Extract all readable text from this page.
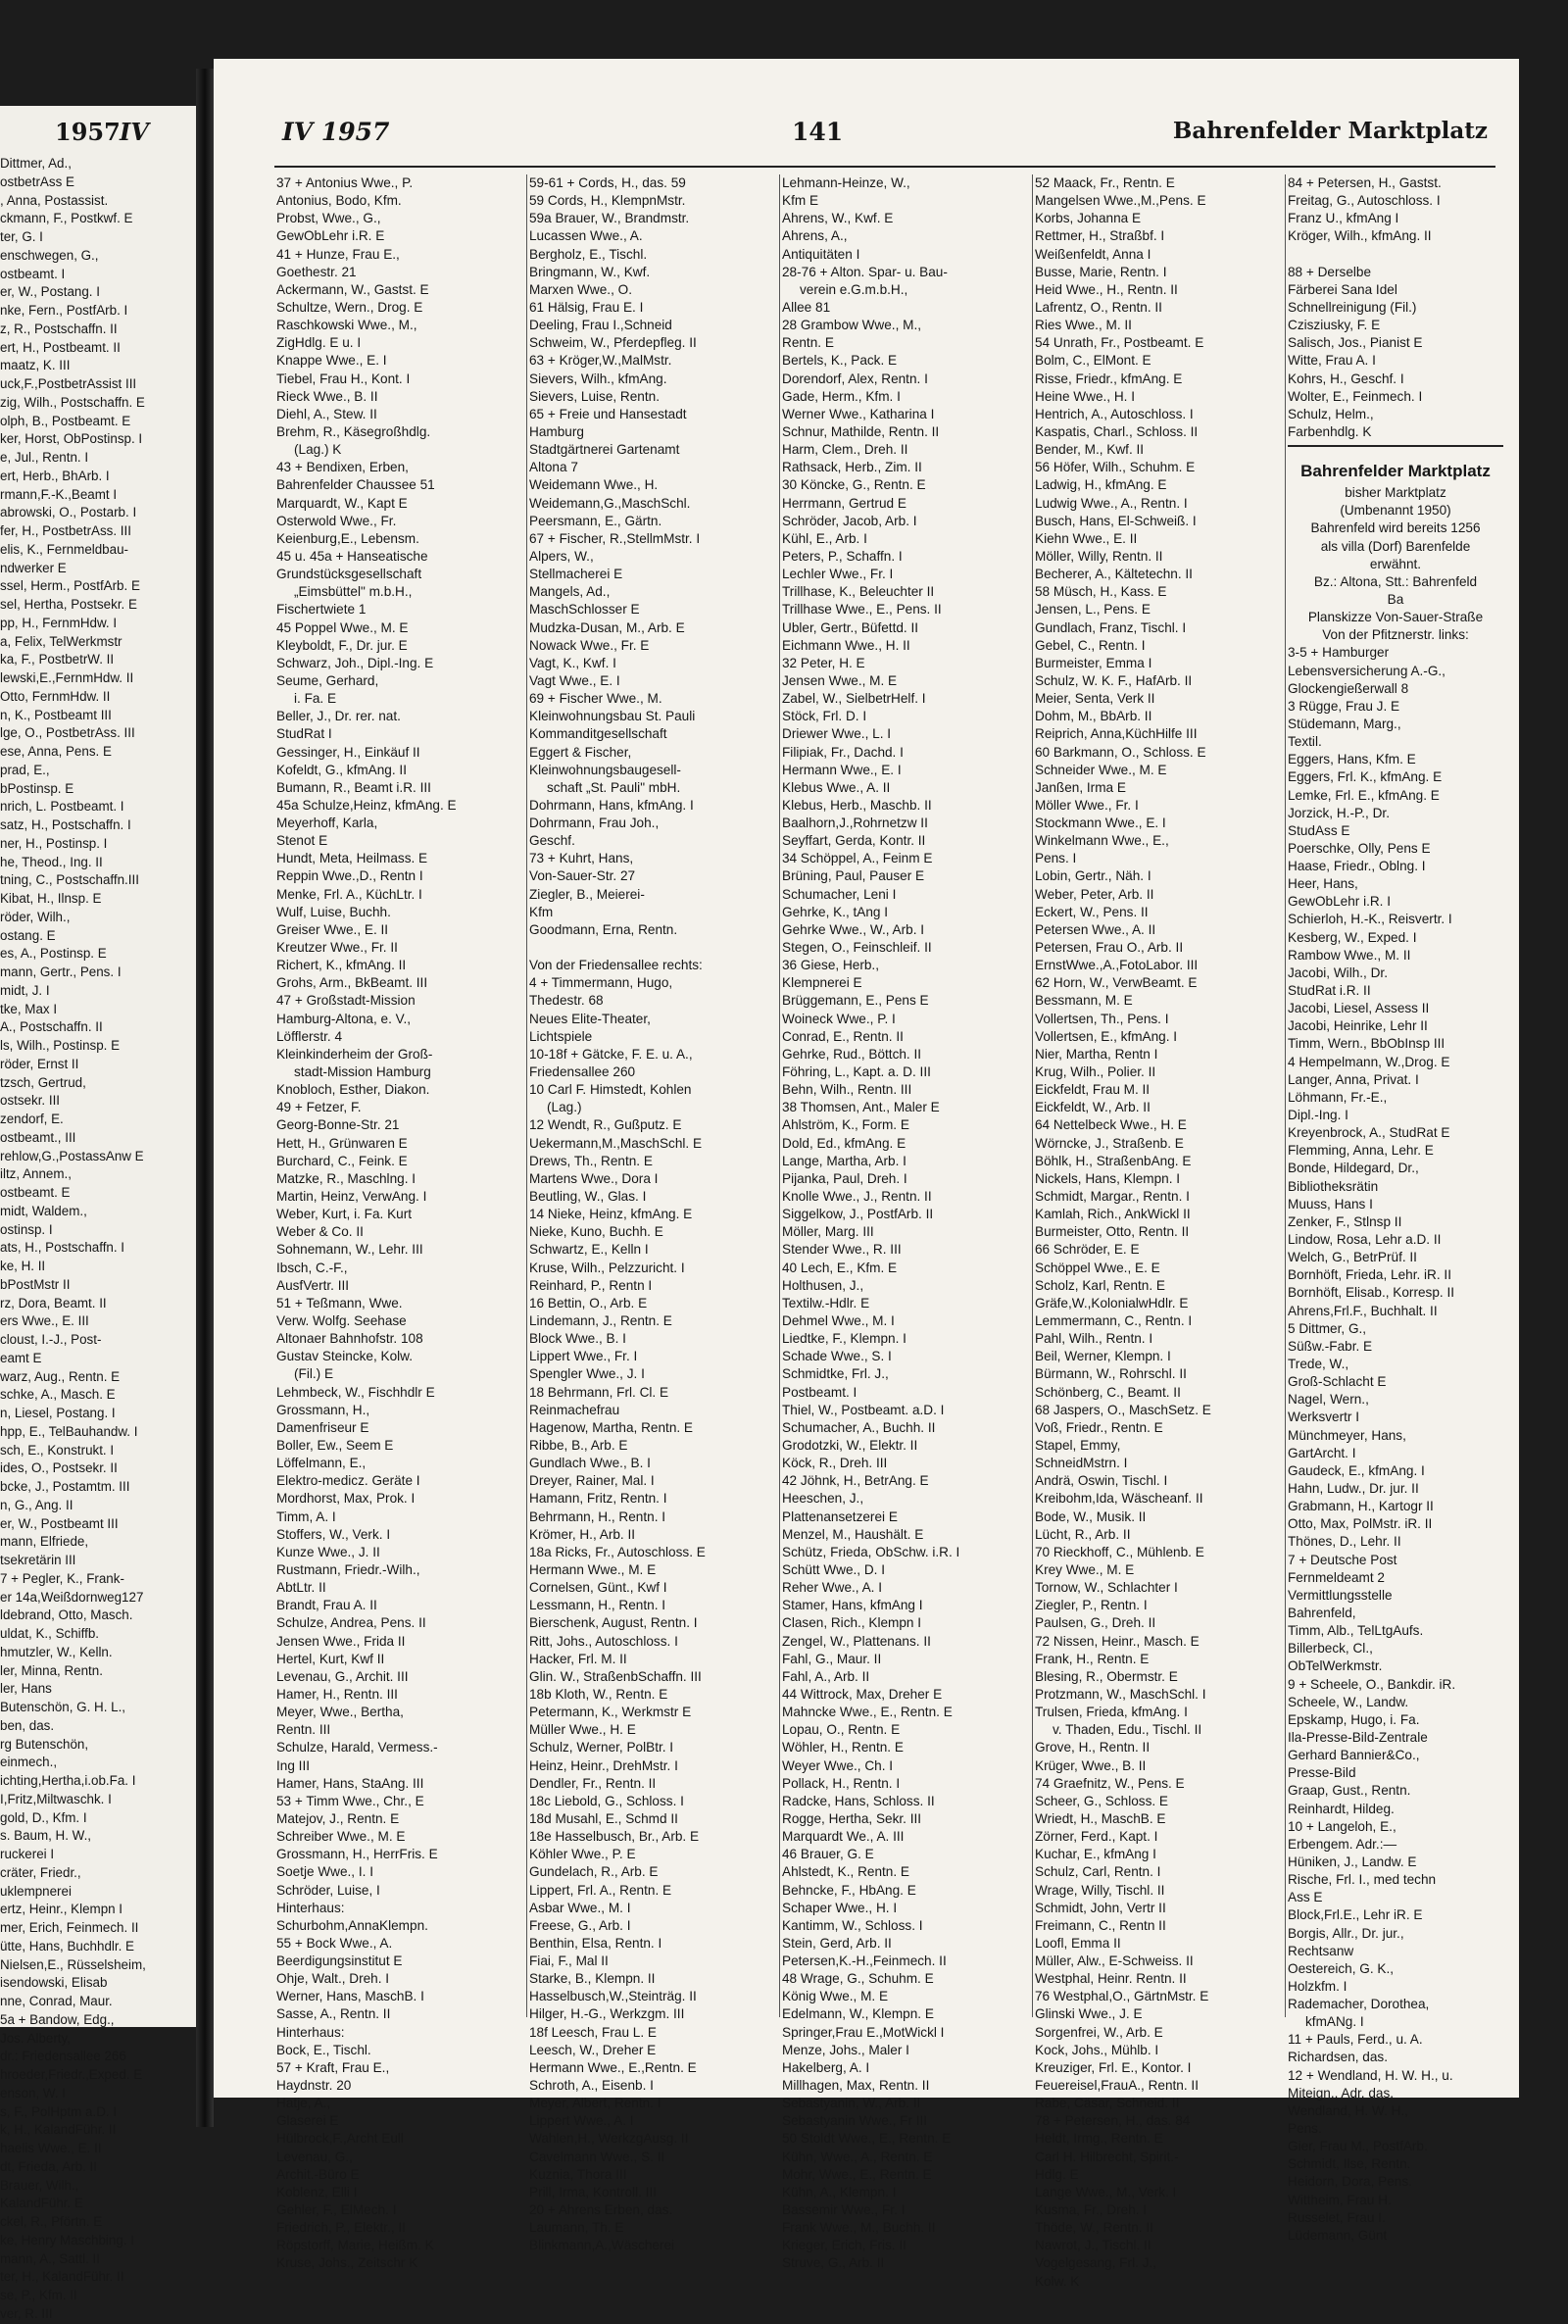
1957 IV
Dittmer, Ad.,
ostbetrAss E
, Anna, Postassist.
ckmann, F., Postkwf. E
ter, G. I
enschwegen, G.,
ostbeamt. I
er, W., Postang. I
nke, Fern., PostfArb. I
z, R., Postschaffn. II
ert, H., Postbeamt. II
maatz, K. III
uck,F.,PostbetrAssist III
zig, Wilh., Postschaffn. E
olph, B., Postbeamt. E
ker, Horst, ObPostinsp. I
e, Jul., Rentn. I
ert, Herb., BhArb. I
rmann,F.-K.,Beamt I
abrowski, O., Postarb. I
fer, H., PostbetrAss. III
elis, K., Fernmeldbau-
ndwerker E
ssel, Herm., PostfArb. E
sel, Hertha, Postsekr. E
pp, H., FernmHdw. I
a, Felix, TelWerkmstr
ka, F., PostbetrW. II
lewski,E.,FernmHdw. II
Otto, FernmHdw. II
n, K., Postbeamt III
lge, O., PostbetrAss. III
ese, Anna, Pens. E
prad, E.,
bPostinsp. E
nrich, L. Postbeamt. I
satz, H., Postschaffn. I
ner, H., Postinsp. I
he, Theod., Ing. II
tning, C., Postschaffn.III
Kibat, H., Ilnsp. E
röder, Wilh.,
ostang. E
es, A., Postinsp. E
mann, Gertr., Pens. I
midt, J. I
tke, Max I
A., Postschaffn. II
ls, Wilh., Postinsp. E
röder, Ernst II
tzsch, Gertrud,
ostsekr. III
zendorf, E.
ostbeamt., III
rehlow,G.,PostassAnw E
iltz, Annem.,
ostbeamt. E
midt, Waldem.,
ostinsp. I
ats, H., Postschaffn. I
ke, H. II
bPostMstr II
rz, Dora, Beamt. II
ers Wwe., E. III
cloust, I.-J., Post-
eamt E
warz, Aug., Rentn. E
schke, A., Masch. E
n, Liesel, Postang. I
hpp, E., TelBauhandw. I
sch, E., Konstrukt. I
ides, O., Postsekr. II
bcke, J., Postamtm. III
n, G., Ang. II
er, W., Postbeamt III
mann, Elfriede,
tsekretärin III
7 + Pegler, K., Frank-
er 14a,Weißdornweg127
ldebrand, Otto, Masch.
uldat, K., Schiffb.
hmutzler, W., Kelln.
ler, Minna, Rentn.
ler, Hans
Butenschön, G. H. L.,
ben, das.
rg Butenschön,
einmech.,
ichting,Hertha,i.ob.Fa. I
I,Fritz,Miltwaschk. I
gold, D., Kfm. I
s. Baum, H. W.,
ruckerei I
cräter, Friedr.,
uklempnerei
ertz, Heinr., Klempn I
mer, Erich, Feinmech. II
ütte, Hans, Buchhdlr. E
Nielsen,E., Rüsselsheim,
isendowski, Elisab
nne, Conrad, Maur.
5a + Bandow, Edg.,
Jos. Alberty,
dr.: Friedensallee 266
hroeder,Friedr.,Exped. E
enson, W. I
s, F., PolHptm a.D. I
k, H., KalandFühr. II
haelis Wwe., E. II
dt, Frieda, Arb. II
Brauer, Wilh.,
KalandFühr. E
ckel, R., Pförtn. E
ke, Henry Maschbing. I
mann, A., Sattl. II
ter, H., KalandFühr. II
se, P., Kfm. II
ver, R. III
IV 1957	141	Bahrenfelder Marktplatz
37 + Antonius Wwe., P.
Antonius, Bodo, Kfm.
Probst, Wwe., G.,
GewObLehr i.R. E
41 + Hunze, Frau E.,
Goethestr. 21
Ackermann, W., Gastst. E
Schultze, Wern., Drog. E
Raschkowski Wwe., M.,
ZigHdlg. E u. I
Knappe Wwe., E. I
Tiebel, Frau H., Kont. I
Rieck Wwe., B. II
Diehl, A., Stew. II
Brehm, R., Käsegroßhdlg.
(Lag.) K
43 + Bendixen, Erben,
Bahrenfelder Chaussee 51
Marquardt, W., Kapt E
Osterwold Wwe., Fr.
Keienburg,E., Lebensm.
45 u. 45a + Hanseatische
Grundstücksgesellschaft
„Eimsbüttel" m.b.H.,
Fischertwiete 1
45 Poppel Wwe., M. E
Kleyboldt, F., Dr. jur. E
Schwarz, Joh., Dipl.-Ing. E
Seume, Gerhard,
i. Fa. E
Beller, J., Dr. rer. nat.
StudRat I
Gessinger, H., Einkäuf II
Kofeldt, G., kfmAng. II
Bumann, R., Beamt i.R. III
45a Schulze,Heinz, kfmAng. E
Meyerhoff, Karla,
Stenot E
Hundt, Meta, Heilmass. E
Reppin Wwe.,D., Rentn I
Menke, Frl. A., KüchLtr. I
Wulf, Luise, Buchh.
Greiser Wwe., E. II
Kreutzer Wwe., Fr. II
Richert, K., kfmAng. II
Grohs, Arm., BkBeamt. III
47 + Großstadt-Mission
Hamburg-Altona, e. V.,
Löfflerstr. 4
Kleinkinderheim der Groß-
stadt-Mission Hamburg
Knobloch, Esther, Diakon.
49 + Fetzer, F.
Georg-Bonne-Str. 21
Hett, H., Grünwaren E
Burchard, C., Feink. E
Matzke, R., Maschlng. I
Martin, Heinz, VerwAng. I
Weber, Kurt, i. Fa. Kurt
Weber & Co. II
Sohnemann, W., Lehr. III
Ibsch, C.-F.,
AusfVertr. III
51 + Teßmann, Wwe.
Verw. Wolfg. Seehase
Altonaer Bahnhofstr. 108
Gustav Steincke, Kolw.
(Fil.) E
Lehmbeck, W., Fischhdlr E
Grossmann, H.,
Damenfriseur E
Boller, Ew., Seem E
Löffelmann, E.,
Elektro-medicz. Geräte I
Mordhorst, Max, Prok. I
Timm, A. I
Stoffers, W., Verk. I
Kunze Wwe., J. II
Rustmann, Friedr.-Wilh.,
AbtLtr. II
Brandt, Frau A. II
Schulze, Andrea, Pens. II
Jensen Wwe., Frida II
Hertel, Kurt, Kwf II
Levenau, G., Archit. III
Hamer, H., Rentn. III
Meyer, Wwe., Bertha,
Rentn. III
Schulze, Harald, Vermess.-
Ing III
Hamer, Hans, StaAng. III
53 + Timm Wwe., Chr., E
Matejov, J., Rentn. E
Schreiber Wwe., M. E
Grossmann, H., HerrFris. E
Soetje Wwe., I. I
Schröder, Luise, I
Hinterhaus:
Schurbohm,AnnaKlempn.
55 + Bock Wwe., A.
Beerdigungsinstitut E
Ohje, Walt., Dreh. I
Werner, Hans, MaschB. I
Sasse, A., Rentn. II
Hinterhaus:
Bock, E., Tischl.
57 + Kraft, Frau E.,
Haydnstr. 20
Hatje, A.,
Glaserei E
Hülbrock,F.,Archt Eull
Levenau, G.,
Archit.-Büro E
Koblenz, Elli I
Gehler, F., ElMech. I
Friedrich, P., Elektr., II
Röpstorff, Marie, Heißm. K
Kruse, Johs., Zeitschr K
59-61 + Cords, H., das. 59
59 Cords, H., KlempnMstr.
59a Brauer, W., Brandmstr.
Lucassen Wwe., A.
Bergholz, E., Tischl.
Bringmann, W., Kwf.
Marxen Wwe., O.
61 Hälsig, Frau E. I
Deeling, Frau I.,Schneid
Schweim, W., Pferdepfleg. II
63 + Kröger,W.,MalMstr.
Sievers, Wilh., kfmAng.
Sievers, Luise, Rentn.
65 + Freie und Hansestadt
Hamburg
Stadtgärtnerei Gartenamt
Altona 7
Weidemann Wwe., H.
Weidemann,G.,MaschSchl.
Peersmann, E., Gärtn.
67 + Fischer, R.,StellmMstr. I
Alpers, W.,
Stellmacherei E
Mangels, Ad.,
MaschSchlosser E
Mudzka-Dusan, M., Arb. E
Nowack Wwe., Fr. E
Vagt, K., Kwf. I
Vagt Wwe., E. I
69 + Fischer Wwe., M.
Kleinwohnungsbau St. Pauli
Kommanditgesellschaft
Eggert & Fischer,
Kleinwohnungsbaugesell-
schaft „St. Pauli" mbH.
Dohrmann, Hans, kfmAng. I
Dohrmann, Frau Joh.,
Geschf.
73 + Kuhrt, Hans,
Von-Sauer-Str. 27
Ziegler, B., Meierei-
Kfm
Goodmann, Erna, Rentn.
Von der Friedensallee rechts:
4 + Timmermann, Hugo,
Thedestr. 68
Neues Elite-Theater,
Lichtspiele
10-18f + Gätcke, F. E. u. A.,
Friedensallee 260
10 Carl F. Himstedt, Kohlen
(Lag.)
12 Wendt, R., Gußputz. E
Uekermann,M.,MaschSchl. E
Drews, Th., Rentn. E
Martens Wwe., Dora I
Beutling, W., Glas. I
14 Nieke, Heinz, kfmAng. E
Nieke, Kuno, Buchh. E
Schwartz, E., Kelln I
Kruse, Wilh., Pelzzuricht. I
Reinhard, P., Rentn I
16 Bettin, O., Arb. E
Lindemann, J., Rentn. E
Block Wwe., B. I
Lippert Wwe., Fr. I
Spengler Wwe., J. I
18 Behrmann, Frl. Cl. E
Reinmachefrau
Hagenow, Martha, Rentn. E
Ribbe, B., Arb. E
Gundlach Wwe., B. I
Dreyer, Rainer, Mal. I
Hamann, Fritz, Rentn. I
Behrmann, H., Rentn. I
Krömer, H., Arb. II
18a Ricks, Fr., Autoschloss. E
Hermann Wwe., M. E
Cornelsen, Günt., Kwf I
Lessmann, H., Rentn. I
Bierschenk, August, Rentn. I
Ritt, Johs., Autoschloss. I
Hacker, Frl. M. II
Glin. W., StraßenbSchaffn. III
18b Kloth, W., Rentn. E
Petermann, K., Werkmstr E
Müller Wwe., H. E
Schulz, Werner, PolBtr. I
Heinz, Heinr., DrehMstr. I
Dendler, Fr., Rentn. II
18c Liebold, G., Schloss. I
18d Musahl, E., Schmd II
18e Hasselbusch, Br., Arb. E
Köhler Wwe., P. E
Gundelach, R., Arb. E
Lippert, Frl. A., Rentn. E
Asbar Wwe., M. I
Freese, G., Arb. I
Benthin, Elsa, Rentn. I
Fiai, F., Mal II
Starke, B., Klempn. II
Hasselbusch,W.,Steinträg. II
Hilger, H.-G., Werkzgm. III
18f Leesch, Frau L. E
Leesch, W., Dreher E
Hermann Wwe., E.,Rentn. E
Schroth, A., Eisenb. I
Meyer, Albert, Rentn. I
Lippert Wwe., A. I
Wahlen,H., WerkzgAusg. II
Cavelmann Wwe., S. II
Kuznia, Thora III
Prill, Irma, Kontroll. III
20 + Ahrens Erben, das.
Laumann, Th. E
Blinkmann,A.,Wäscherei
Lehmann-Heinze, W.,
Kfm E
Ahrens, W., Kwf. E
Ahrens, A.,
Antiquitäten I
28-76 + Alton. Spar- u. Bau-
verein e.G.m.b.H.,
Allee 81
28 Grambow Wwe., M.,
Rentn. E
Bertels, K., Pack. E
Dorendorf, Alex, Rentn. I
Gade, Herm., Kfm. I
Werner Wwe., Katharina I
Schnur, Mathilde, Rentn. II
Harm, Clem., Dreh. II
Rathsack, Herb., Zim. II
30 Köncke, G., Rentn. E
Herrmann, Gertrud E
Schröder, Jacob, Arb. I
Kühl, E., Arb. I
Peters, P., Schaffn. I
Lechler Wwe., Fr. I
Trillhase, K., Beleuchter II
Trillhase Wwe., E., Pens. II
Ubler, Gertr., Büfettd. II
Eichmann Wwe., H. II
32 Peter, H. E
Jensen Wwe., M. E
Zabel, W., SielbetrHelf. I
Stöck, Frl. D. I
Driewer Wwe., L. I
Filipiak, Fr., Dachd. I
Hermann Wwe., E. I
Klebus Wwe., A. II
Klebus, Herb., Maschb. II
Baalhorn,J.,Rohrnetzw II
Seyffart, Gerda, Kontr. II
34 Schöppel, A., Feinm E
Brüning, Paul, Pauser E
Schumacher, Leni I
Gehrke, K., tAng I
Gehrke Wwe., W., Arb. I
Stegen, O., Feinschleif. II
36 Giese, Herb.,
Klempnerei E
Brüggemann, E., Pens E
Woineck Wwe., P. I
Conrad, E., Rentn. II
Gehrke, Rud., Böttch. II
Föhring, L., Kapt. a. D. III
Behn, Wilh., Rentn. III
38 Thomsen, Ant., Maler E
Ahlström, K., Form. E
Dold, Ed., kfmAng. E
Lange, Martha, Arb. I
Pijanka, Paul, Dreh. I
Knolle Wwe., J., Rentn. II
Siggelkow, J., PostfArb. II
Möller, Marg. III
Stender Wwe., R. III
40 Lech, E., Kfm. E
Holthusen, J.,
Textilw.-Hdlr. E
Dehmel Wwe., M. I
Liedtke, F., Klempn. I
Schade Wwe., S. I
Schmidtke, Frl. J.,
Postbeamt. I
Thiel, W., Postbeamt. a.D. I
Schumacher, A., Buchh. II
Grodotzki, W., Elektr. II
Köck, R., Dreh. III
42 Jöhnk, H., BetrAng. E
Heeschen, J.,
Plattenansetzerei E
Menzel, M., Haushält. E
Schütz, Frieda, ObSchw. i.R. I
Schütt Wwe., D. I
Reher Wwe., A. I
Stamer, Hans, kfmAng I
Clasen, Rich., Klempn I
Zengel, W., Plattenans. II
Fahl, G., Maur. II
Fahl, A., Arb. II
44 Wittrock, Max, Dreher E
Mahncke Wwe., E., Rentn. E
Lopau, O., Rentn. E
Wöhler, H., Rentn. E
Weyer Wwe., Ch. I
Pollack, H., Rentn. I
Radcke, Hans, Schloss. II
Rogge, Hertha, Sekr. III
Marquardt We., A. III
46 Brauer, G. E
Ahlstedt, K., Rentn. E
Behncke, F., HbAng. E
Schaper Wwe., H. I
Kantimm, W., Schloss. I
Stein, Gerd, Arb. II
Petersen,K.-H.,Feinmech. II
48 Wrage, G., Schuhm. E
König Wwe., M. E
Edelmann, W., Klempn. E
Springer,Frau E.,MotWickl I
Menze, Johs., Maler I
Hakelberg, A. I
Millhagen, Max, Rentn. II
Sebastyanin, W., Arb. II
Sebastyanin Wwe., Fr III
50 Stoldt Wwe., E., Rentn. E
Kühn, Wwe., A., Rentn. E
Mohr, Wwe., E., Rentn. E
Kühn, A., Klempn. I
Bassemir Wwe., Fr. I
Frank Wwe., M., Buchh. II
Krieger, Erich, Fris. II
Struve, G., Arb. II
52 Maack, Fr., Rentn. E
Mangelsen Wwe.,M.,Pens. E
Korbs, Johanna E
Rettmer, H., Straßbf. I
Weißenfeldt, Anna I
Busse, Marie, Rentn. I
Heid Wwe., H., Rentn. II
Lafrentz, O., Rentn. II
Ries Wwe., M. II
54 Unrath, Fr., Postbeamt. E
Bolm, C., ElMont. E
Risse, Friedr., kfmAng. E
Heine Wwe., H. I
Hentrich, A., Autoschloss. I
Kaspatis, Charl., Schloss. II
Bender, M., Kwf. II
56 Höfer, Wilh., Schuhm. E
Ladwig, H., kfmAng. E
Ludwig Wwe., A., Rentn. I
Busch, Hans, El-Schweiß. I
Kiehn Wwe., E. II
Möller, Willy, Rentn. II
Becherer, A., Kältetechn. II
58 Müsch, H., Kass. E
Jensen, L., Pens. E
Gundlach, Franz, Tischl. I
Gebel, C., Rentn. I
Burmeister, Emma I
Schulz, W. K. F., HafArb. II
Meier, Senta, Verk II
Dohm, M., BbArb. II
Reiprich, Anna,KüchHilfe III
60 Barkmann, O., Schloss. E
Schneider Wwe., M. E
Janßen, Irma E
Möller Wwe., Fr. I
Stockmann Wwe., E. I
Winkelmann Wwe., E.,
Pens. I
Lobin, Gertr., Näh. I
Weber, Peter, Arb. II
Eckert, W., Pens. II
Petersen Wwe., A. II
Petersen, Frau O., Arb. II
ErnstWwe.,A.,FotoLabor. III
62 Horn, W., VerwBeamt. E
Bessmann, M. E
Vollertsen, Th., Pens. I
Vollertsen, E., kfmAng. I
Nier, Martha, Rentn I
Krug, Wilh., Polier. II
Eickfeldt, Frau M. II
Eickfeldt, W., Arb. II
64 Nettelbeck Wwe., H. E
Wörncke, J., Straßenb. E
Böhlk, H., StraßenbAng. E
Nickels, Hans, Klempn. I
Schmidt, Margar., Rentn. I
Kamlah, Rich., AnkWickl II
Burmeister, Otto, Rentn. II
66 Schröder, E. E
Schöppel Wwe., E. E
Scholz, Karl, Rentn. E
Gräfe,W.,KolonialwHdlr. E
Lemmermann, C., Rentn. I
Pahl, Wilh., Rentn. I
Beil, Werner, Klempn. I
Bürmann, W., Rohrschl. II
Schönberg, C., Beamt. II
68 Jaspers, O., MaschSetz. E
Voß, Friedr., Rentn. E
Stapel, Emmy,
SchneidMstrn. I
Andrä, Oswin, Tischl. I
Kreibohm,Ida, Wäscheanf. II
Bode, W., Musik. II
Lücht, R., Arb. II
70 Rieckhoff, C., Mühlenb. E
Krey Wwe., M. E
Tornow, W., Schlachter I
Ziegler, P., Rentn. I
Paulsen, G., Dreh. II
72 Nissen, Heinr., Masch. E
Frank, H., Rentn. E
Blesing, R., Obermstr. E
Protzmann, W., MaschSchl. I
Trulsen, Frieda, kfmAng. I
v. Thaden, Edu., Tischl. II
Grove, H., Rentn. II
Krüger, Wwe., B. II
74 Graefnitz, W., Pens. E
Scheer, G., Schloss. E
Wriedt, H., MaschB. E
Zörner, Ferd., Kapt. I
Kuchar, E., kfmAng I
Schulz, Carl, Rentn. I
Wrage, Willy, Tischl. II
Schmidt, John, Vertr II
Freimann, C., Rentn II
Loofl, Emma II
Müller, Alw., E-Schweiss. II
Westphal, Heinr. Rentn. II
76 Westphal,O., GärtnMstr. E
Glinski Wwe., J. E
Sorgenfrei, W., Arb. E
Kock, Johs., Mühlb. I
Kreuziger, Frl. E., Kontor. I
Feuereisel,FrauA., Rentn. II
Rabe, Cäsar, Schneid. II
78 + Petersen, H., das. 84
Heldt, Irmg., Rentn. E
Carl H. Hilbrecht, Spirit.-
Hdlg. E
Lange Wwe., M., Verk. I
Kusma, Fr., Dreh. I
Thöde, W., Rentn. II
Nawrot, J., Tischl. II
Vogelgesang, Frl. J.,
Kolw. K
84 + Petersen, H., Gastst.
Freitag, G., Autoschloss. I
Franz U., kfmAng I
Kröger, Wilh., kfmAng. II
88 + Derselbe
Färberei Sana Idel
Schnellreinigung (Fil.)
Czisziusky, F. E
Salisch, Jos., Pianist E
Witte, Frau A. I
Kohrs, H., Geschf. I
Wolter, E., Feinmech. I
Schulz, Helm.,
Farbenhdlg. K
Bahrenfelder Marktplatz
bisher Marktplatz
(Umbenannt 1950)
Bahrenfeld wird bereits 1256
als villa (Dorf) Barenfelde
erwähnt.
Bz.: Altona, Stt.: Bahrenfeld
Ba
Planskizze Von-Sauer-Straße
Von der Pfitznerstr. links:
3-5 + Hamburger
Lebensversicherung A.-G.,
Glockengießerwall 8
3 Rügge, Frau J. E
Stüdemann, Marg.,
Textil.
Eggers, Hans, Kfm. E
Eggers, Frl. K., kfmAng. E
Lemke, Frl. E., kfmAng. E
Jorzick, H.-P., Dr.
StudAss E
Poerschke, Olly, Pens E
Haase, Friedr., Oblng. I
Heer, Hans,
GewObLehr i.R. I
Schierloh, H.-K., Reisvertr. I
Kesberg, W., Exped. I
Rambow Wwe., M. II
Jacobi, Wilh., Dr.
StudRat i.R. II
Jacobi, Liesel, Assess II
Jacobi, Heinrike, Lehr II
Timm, Wern., BbObInsp III
4 Hempelmann, W.,Drog. E
Langer, Anna, Privat. I
Löhmann, Fr.-E.,
Dipl.-Ing. I
Kreyenbrock, A., StudRat E
Flemming, Anna, Lehr. E
Bonde, Hildegard, Dr.,
Bibliotheksrätin
Muuss, Hans I
Zenker, F., Stlnsp II
Lindow, Rosa, Lehr a.D. II
Welch, G., BetrPrüf. II
Bornhöft, Frieda, Lehr. iR. II
Bornhöft, Elisab., Korresp. II
Ahrens,Frl.F., Buchhalt. II
5 Dittmer, G.,
Süßw.-Fabr. E
Trede, W.,
Groß-Schlacht E
Nagel, Wern.,
Werksvertr I
Münchmeyer, Hans,
GartArcht. I
Gaudeck, E., kfmAng. I
Hahn, Ludw., Dr. jur. II
Grabmann, H., Kartogr II
Otto, Max, PolMstr. iR. II
Thönes, D., Lehr. II
7 + Deutsche Post
Fernmeldeamt 2
Vermittlungsstelle
Bahrenfeld,
Timm, Alb., TelLtgAufs.
Billerbeck, Cl.,
ObTelWerkmstr.
9 + Scheele, O., Bankdir. iR.
Scheele, W., Landw.
Epskamp, Hugo, i. Fa.
Ila-Presse-Bild-Zentrale
Gerhard Bannier&Co.,
Presse-Bild
Graap, Gust., Rentn.
Reinhardt, Hildeg.
10 + Langeloh, E.,
Erbengem. Adr.:—
Hüniken, J., Landw. E
Rische, Frl. I., med techn
Ass E
Block,Frl.E., Lehr iR. E
Borgis, Allr., Dr. jur.,
Rechtsanw
Oestereich, G. K.,
Holzkfm. I
Rademacher, Dorothea,
kfmANg. I
11 + Pauls, Ferd., u. A.
Richardsen, das.
12 + Wendland, H. W. H., u.
Miteign., Adr. das.
Wendland, H. W. H.,
Pens.
Gier, Frau M., PostfArb.
Schmidt, Ilse, Rentn.
Heidorn, Dora, Pens.
Wittheim, Frau H.
Russelet, Frau I.
Lüdemann, Günt
